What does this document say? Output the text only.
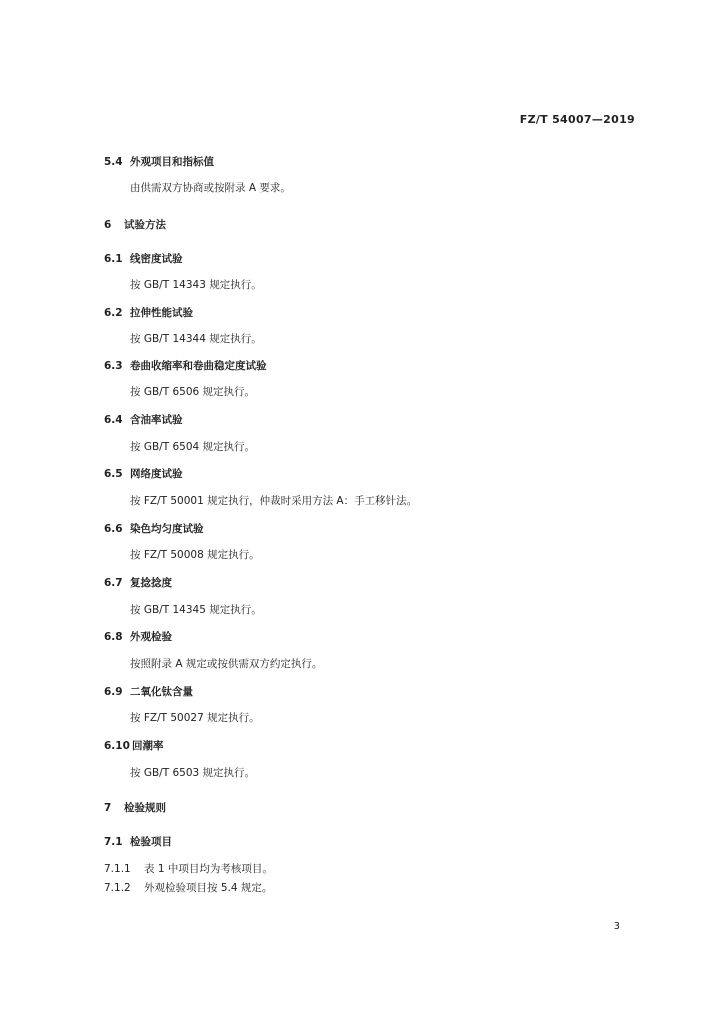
FZ/T 54007—2019
5.4 外观项目和指标值
由供需双方协商或按附录 A 要求。
6 试验方法
6.1 线密度试验
按 GB/T 14343 规定执行。
6.2 拉伸性能试验
按 GB/T 14344 规定执行。
6.3 卷曲收缩率和卷曲稳定度试验
按 GB/T 6506 规定执行。
6.4 含油率试验
按 GB/T 6504 规定执行。
6.5 网络度试验
按 FZ/T 50001 规定执行，仲裁时采用方法 A：手工移针法。
6.6 染色均匀度试验
按 FZ/T 50008 规定执行。
6.7 复捻捻度
按 GB/T 14345 规定执行。
6.8 外观检验
按照附录 A 规定或按供需双方约定执行。
6.9 二氧化钛含量
按 FZ/T 50027 规定执行。
6.10 回潮率
按 GB/T 6503 规定执行。
7 检验规则
7.1 检验项目
7.1.1 表 1 中项目均为考核项目。
7.1.2 外观检验项目按 5.4 规定。
3
